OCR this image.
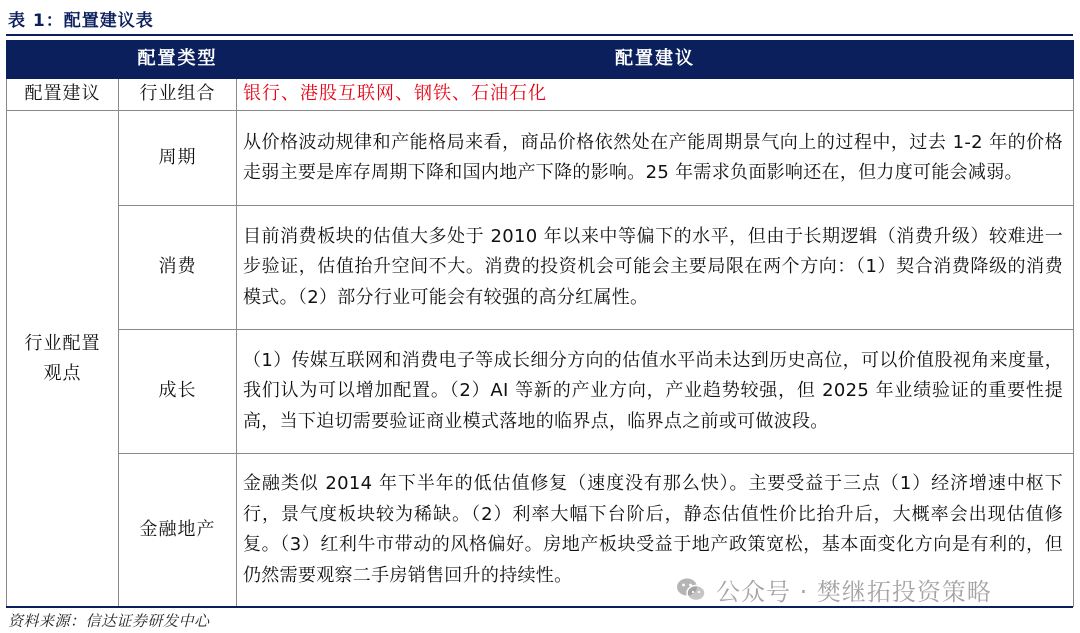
表 1：配置建议表
	配置类型	配置建议
配置建议	行业组合	银行、港股互联网、钢铁、石油石化

行业配置观点	周期	从价格波动规律和产能格局来看，商品价格依然处在产能周期景气向上的过程中，过去 1-2 年的价格走弱主要是库存周期下降和国内地产下降的影响。25 年需求负面影响还在，但力度可能会减弱。
	消费	目前消费板块的估值大多处于 2010 年以来中等偏下的水平，但由于长期逻辑（消费升级）较难进一步验证，估值抬升空间不大。消费的投资机会可能会主要局限在两个方向：（1）契合消费降级的消费模式。（2）部分行业可能会有较强的高分红属性。
	成长	（1）传媒互联网和消费电子等成长细分方向的估值水平尚未达到历史高位，可以价值股视角来度量，我们认为可以增加配置。（2）AI 等新的产业方向，产业趋势较强，但 2025 年业绩验证的重要性提高，当下迫切需要验证商业模式落地的临界点，临界点之前或可做波段。
	金融地产	金融类似 2014 年下半年的低估值修复（速度没有那么快）。主要受益于三点（1）经济增速中枢下行，景气度板块较为稀缺。（2）利率大幅下台阶后，静态估值性价比抬升后，大概率会出现估值修复。（3）红利牛市带动的风格偏好。房地产板块受益于地产政策宽松，基本面变化方向是有利的，但仍然需要观察二手房销售回升的持续性。
公众号 · 樊继拓投资策略
资料来源：信达证券研发中心
